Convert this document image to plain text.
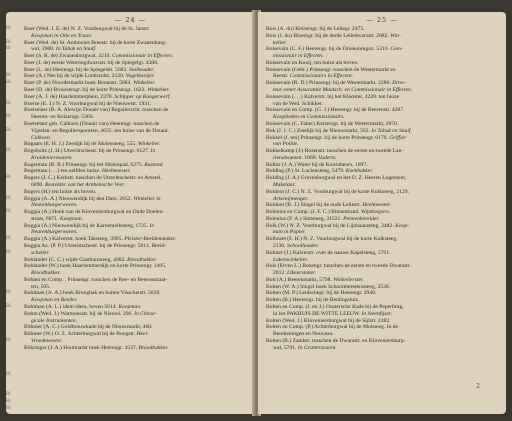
— 24 —
Bi
Bi
Bi
Bi
Bi
Bi
Bi
Bi
Bi
Bi
Bi
Bi
Bi
Bi
Bi
Bi
Bi
Bi
Bi
Bi
Bi
Boer (Wed. J. E. de) N. Z. Voorburgwal bij de St. Janstr.
Koopman in Olie en Traan.
Boer (Wed. de) St. Anthonies Breestr. bij de korte Zwanenburg-
wal, 3900. In Tabak en Snuif.
Boer (S. R. de) Zwanenburgwal, 4210. Commissionair in Effecten.
Boer (J. de) eerste Weteringdwarsstr. bij de Spiegelgr. 4388.
Boer (L. de) Heerengr. bij de Spiegelstr. 5683. Stalhouder.
Boer (A.) Nes bij de wijde Lombardst. 2120. Vogelkooijer.
Boer (P. de) Noordermarkt hoek Boomstr. 5684. Winkelier.
Boer (D. de) Brouwersgr. bij de korte Prinsengr. 1623. Winkelier.
Boer (A. J. de) Haarlemmerplein, 2270. Schipper op Koogerwerf.
Boerse (E. J.) N. Z. Voorburgwal bij de Nieuwestr. 1931.
Boetselaer (B. A. Alewijn Douair van) Regulierschr. tusschen de
Heeren- en Keizersgr. 5366.
Boetselaer geb. Calkoen (Douair van) Heerengr. tusschen de
Vijzelstr. en Regulierspoorten, 4635. ten huize van de Douair.
Calkoen.
Bogaars (E. H. J.) Zeedijk bij de Molensteeg, 555. Winkelier.
Bogeholtz (J. H.) Utrechtschestr. bij de Prinsengr. 6127. In
Kruidenierswaren.
Bogerman (B. R.) Prinsengr. bij het Molenpad, 6275. Rustend.
Bogerman (. . .) ten zelfden huize. Heelmeester.
Bogers (J. C.) Kerkstr. tusschen de Utrechtschestr. en Amstel,
6090. Bestelder van het Arnhemsche Veer.
Bogers (H.) ten huize als boven.
Boggia (A. A.) Nieuwendijk bij den Dam, 2652. Winkelier in
Neurenburgerwaren.
Boggia (A.) Hoek van de Kloveniersburgwal en Oude Doelen-
straat, 6071. Koopman.
Boggia (A.) Nieuwendijk bij de Karnemelksteeg, 1725. In
Neurenburgerwaren.
Boggia (A.) Kalverstr. hoek Taksteeg, 3905. Pleister-Beeldenmaker.
Boggia Az. (P. P.) Utrechtschestr. bij de Prinsengr. 5814. Beeld-
schetter.
Bohlander (C. C.) wijde Gasthuissteeg, 4082. Broodbakker.
Bohlander (W.) hoek Haarlemmerdijk en korte Prinsengr. 1405.
Broodbakker.
Bohlen en Comp. , Prinsengr. tusschen de Ree- en Beerenstraat-
ten, 505.
Bohlman (A. A.) hoek Brooghak en buiten Visscherstr. 5618.
Koopman en Reeder.
Bohlman (A. L.) idem idem, hoven 5614. Koopman.
Bohm (Wed. J.) Warmoesstr. bij de Nieuwl. 206. In Chirur-
gicale Instrumenten.
Böhmer (A. C.) Goldbrouwkade bij de Nieuwmarkt, 460.
Böhmer (W.) O. Z. Achterburgwal bij de Boogstr. Heel-
Vroedmeester.
Böhringer (J. A.) Houtmarkt hoek Heerengr. 4537. Broodbakker.
— 25 —
Bois (A. du) Keizersgr. bij de Leliegr. 2475.
Bois (J. du) Bloemgr. bij de derde Leliedwarsstr. 2082. Win-
kelier.
Boisevain (C. F.) Heerengr. bij de Driekoningstr. 5316. Com-
missionair in Effecten.
Boissevain en Kooij, ten huize als boven.
Boissevain (Gebr.) Prinsengr. tusschen de Westermarkt en
Reestr. Commissionairs in Effecten.
Boissevain (R. D.) Prinsengr. bij de Westermarkt, 2280. Direc-
teur eener Assurantie Maatsch. en Commissionair in Effecten.
Boissevain (. . .) Kalverstr. bij het Klooster, 4220. ten huize
van de Wed. Schikker.
Boissevain en Comp. (G. J.) Heerengr. bij de Beerenstr. 4287.
Kooplieden en Commissionairs.
Boissevain (C. Faber) Keizersgr. bij de Westermarkt, 2870.
Bok (J. J. C.) Zeedijk bij de Nieuwmarkt, 562. In Tabak en Snuif.
Bokkel (J. ten) Prinsengr. bij de korte Prinsengr. 6170. Griffier
van Politie.
Bokkelkamp (J.) Rozenstr. tusschen de eerste en tweede Lau-
riersdwarsstr. 1669. Vaderts.
Bolbrr (J. A.) Water bij de Koornbeurs, 1097.
Bolding (P.) St. Luciensteeg, 5479. Koekbakker.
Bolding (J. A.) Gravenburgwal en het O. Z. Heeren Logement,
Makelaar.
Boldoot (J. C.) N. Z. Voorburgwal bij de korte Kolksteeg, 2129.
Artsenijmenger.
Boldoot (B. J.) Singel bij de oude Leliestr. Heelmeester.
Bolenius en Comp. (J. F. C.) Binnenkand. Wijnkoopers.
Bolenius (F. A.) Sintsteeg, 31531. Pennenbereider.
Bolk (W.) N. Z. Voorburgwal bij de Lijnbaansteeg, 2482. Koop-
man in Papier.
Bolhuset (F. H.) N. Z. Voorburgwal bij de korte Kolksteeg,
2130. Schoolhouder.
Bolmer (J.) Kalverstr. over de nauwe Kapelsteeg, 5761.
Lakenwinkelier.
Bols (Erven L.) Rozengr. tusschen de eerste en tweede Dwarsstr.
2012. Likeurstoker.
Bolt (A.) Beerenmarkt, 5798. Winkelierster.
Bolten (W. A.) Singel hoek Schoolmeesterssteeg, 2530.
Bolten (M. P.) Leidschegr. bij de Heerengr. 2940.
Bolten (B.) Heerengr. bij de Beulingsluis.
Bolten en Comp. (J. en J.) Oostersche Kade bij de Peperbrug,
in het PAKHUIS DE WITTE LEEUW. In Steenfijzer.
Bolten (Wed. J.) Kloveniersburgwal bij de Sijlstr. 2282.
Bolten en Comp. (P.) Achterburgwal bij de Molsteeg. In de
Berekeningen en Nouveau.
Bolten (B.) Zandstr. tusschen de Dwarsstr. en Kloveniersburg-
wal, 5791. In Gruttersvaren.
2
